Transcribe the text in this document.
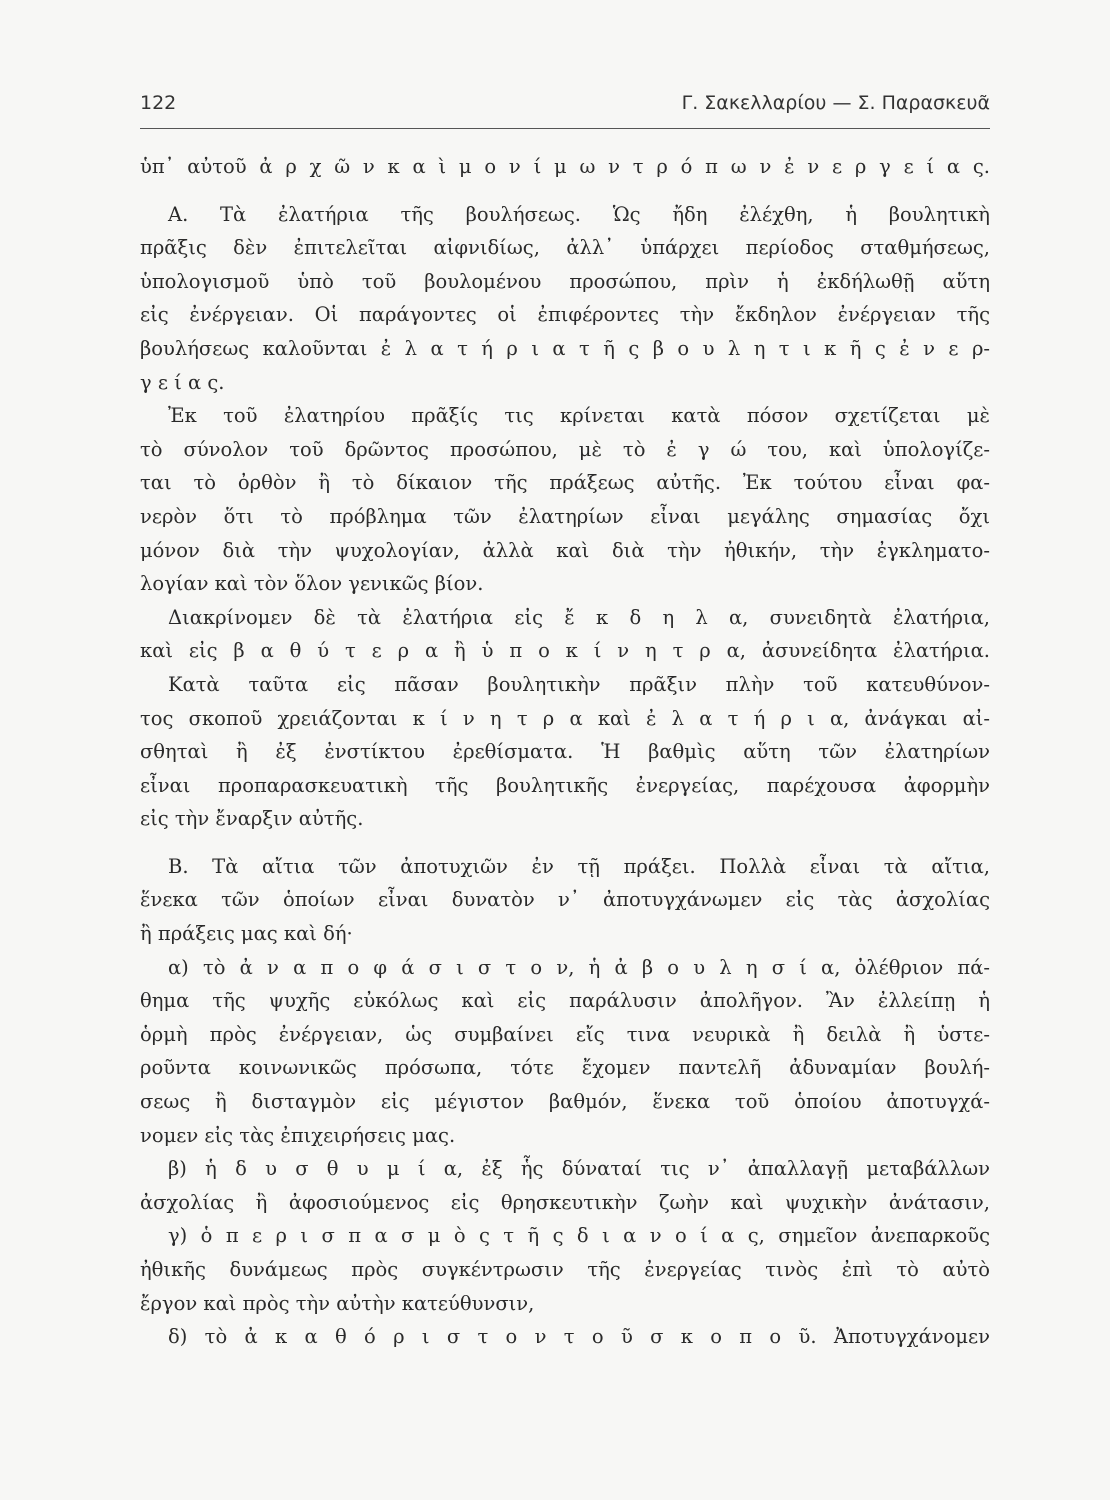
122	Γ. Σακελλαρίου — Σ. Παρασκευᾶ
ὑπ᾽ αὐτοῦ ἀ ρ χ ῶ ν κ α ὶ μ ο ν ί μ ω ν τ ρ ό π ω ν ἐ ν ε ρ γ ε ί α ς.
Α. Τὰ ἐλατήρια τῆς βουλήσεως. Ὡς ἤδη ἐλέχθη, ἡ βουλητικὴ
πρᾶξις δὲν ἐπιτελεῖται αἰφνιδίως, ἀλλ᾽ ὑπάρχει περίοδος σταθμήσεως,
ὑπολογισμοῦ ὑπὸ τοῦ βουλομένου προσώπου, πρὶν ἡ ἐκδήλωθῇ αὕτη
εἰς ἐνέργειαν. Οἱ παράγοντες οἱ ἐπιφέροντες τὴν ἔκδηλον ἐνέργειαν τῆς
βουλήσεως καλοῦνται ἐ λ α τ ή ρ ι α τ ῆ ς β ο υ λ η τ ι κ ῆ ς ἐ ν ε ρ-
γ ε ί α ς.
Ἐκ τοῦ ἐλατηρίου πρᾶξίς τις κρίνεται κατὰ πόσον σχετίζεται μὲ
τὸ σύνολον τοῦ δρῶντος προσώπου, μὲ τὸ ἐ γ ώ του, καὶ ὑπολογίζε-
ται τὸ ὀρθὸν ἢ τὸ δίκαιον τῆς πράξεως αὐτῆς. Ἐκ τούτου εἶναι φα-
νερὸν ὅτι τὸ πρόβλημα τῶν ἐλατηρίων εἶναι μεγάλης σημασίας ὄχι
μόνον διὰ τὴν ψυχολογίαν, ἀλλὰ καὶ διὰ τὴν ἠθικήν, τὴν ἐγκληματο-
λογίαν καὶ τὸν ὅλον γενικῶς βίον.
Διακρίνομεν δὲ τὰ ἐλατήρια εἰς ἔ κ δ η λ α, συνειδητὰ ἐλατήρια,
καὶ εἰς β α θ ύ τ ε ρ α ἢ ὑ π ο κ ί ν η τ ρ α, ἀσυνείδητα ἐλατήρια.
Κατὰ ταῦτα εἰς πᾶσαν βουλητικὴν πρᾶξιν πλὴν τοῦ κατευθύνον-
τος σκοποῦ χρειάζονται κ ί ν η τ ρ α καὶ ἐ λ α τ ή ρ ι α, ἀνάγκαι αἰ-
σθηταὶ ἢ ἐξ ἐνστίκτου ἐρεθίσματα. Ἡ βαθμὶς αὕτη τῶν ἐλατηρίων
εἶναι προπαρασκευατικὴ τῆς βουλητικῆς ἐνεργείας, παρέχουσα ἀφορμὴν
εἰς τὴν ἔναρξιν αὐτῆς.
Β. Τὰ αἴτια τῶν ἀποτυχιῶν ἐν τῇ πράξει. Πολλὰ εἶναι τὰ αἴτια,
ἕνεκα τῶν ὁποίων εἶναι δυνατὸν ν᾽ ἀποτυγχάνωμεν εἰς τὰς ἀσχολίας
ἢ πράξεις μας καὶ δή·
α) τὸ ἀ ν α π ο φ ά σ ι σ τ ο ν, ἡ ἀ β ο υ λ η σ ί α, ὀλέθριον πά-
θημα τῆς ψυχῆς εὐκόλως καὶ εἰς παράλυσιν ἀπολῆγον. Ἂν ἐλλείπῃ ἡ
ὁρμὴ πρὸς ἐνέργειαν, ὡς συμβαίνει εἴς τινα νευρικὰ ἢ δειλὰ ἢ ὑστε-
ροῦντα κοινωνικῶς πρόσωπα, τότε ἔχομεν παντελῆ ἀδυναμίαν βουλή-
σεως ἢ δισταγμὸν εἰς μέγιστον βαθμόν, ἕνεκα τοῦ ὁποίου ἀποτυγχά-
νομεν εἰς τὰς ἐπιχειρήσεις μας.
β) ἡ δ υ σ θ υ μ ί α, ἐξ ἧς δύναταί τις ν᾽ ἀπαλλαγῇ μεταβάλλων
ἀσχολίας ἢ ἀφοσιούμενος εἰς θρησκευτικὴν ζωὴν καὶ ψυχικὴν ἀνάτασιν,
γ) ὁ π ε ρ ι σ π α σ μ ὸ ς τ ῆ ς δ ι α ν ο ί α ς, σημεῖον ἀνεπαρκοῦς
ἠθικῆς δυνάμεως πρὸς συγκέντρωσιν τῆς ἐνεργείας τινὸς ἐπὶ τὸ αὐτὸ
ἔργον καὶ πρὸς τὴν αὐτὴν κατεύθυνσιν,
δ) τὸ ἀ κ α θ ό ρ ι σ τ ο ν τ ο ῦ σ κ ο π ο ῦ. Ἀποτυγχάνομεν
